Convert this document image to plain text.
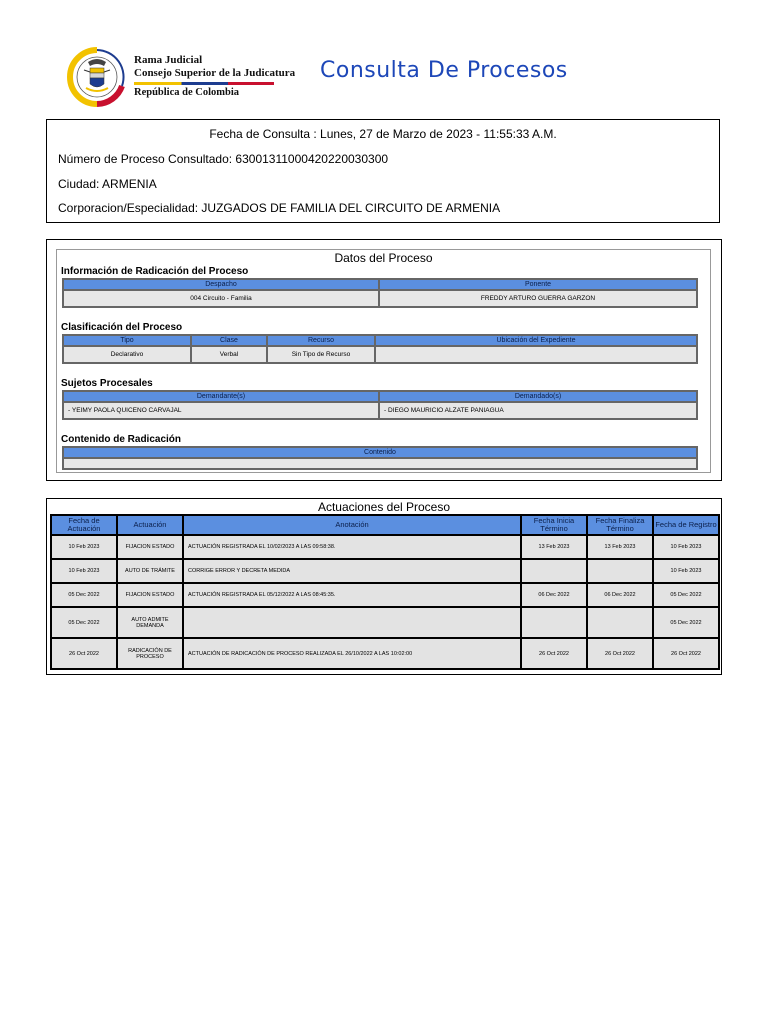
Rama Judicial
Consejo Superior de la Judicatura
República de Colombia
Consulta De Procesos
Fecha de Consulta : Lunes, 27 de Marzo de 2023 - 11:55:33 A.M.
Número de Proceso Consultado: 63001311000420220030300
Ciudad: ARMENIA
Corporacion/Especialidad: JUZGADOS DE FAMILIA DEL CIRCUITO DE ARMENIA
Datos del Proceso
Información de Radicación del Proceso
Despacho	Ponente
004 Circuito - Familia	FREDDY ARTURO GUERRA GARZON
Clasificación del Proceso
Tipo	Clase	Recurso	Ubicación del Expediente
Declarativo	Verbal	Sin Tipo de Recurso	
Sujetos Procesales
Demandante(s)	Demandado(s)
- YEIMY PAOLA QUICENO CARVAJAL	- DIEGO MAURICIO ALZATE PANIAGUA
Contenido de Radicación
Contenido

Actuaciones del Proceso
Fecha de Actuación	Actuación	Anotación	Fecha Inicia Término	Fecha Finaliza Término	Fecha de Registro
10 Feb 2023	FIJACION ESTADO	ACTUACIÓN REGISTRADA EL 10/02/2023 A LAS 09:58:38.	13 Feb 2023	13 Feb 2023	10 Feb 2023
10 Feb 2023	AUTO DE TRÁMITE	CORRIGE ERROR Y DECRETA MEDIDA			10 Feb 2023
05 Dec 2022	FIJACION ESTADO	ACTUACIÓN REGISTRADA EL 05/12/2022 A LAS 08:45:35.	06 Dec 2022	06 Dec 2022	05 Dec 2022
05 Dec 2022	AUTO ADMITE DEMANDA				05 Dec 2022
26 Oct 2022	RADICACIÓN DE PROCESO	ACTUACIÓN DE RADICACIÓN DE PROCESO REALIZADA EL 26/10/2022 A LAS 10:02:00	26 Oct 2022	26 Oct 2022	26 Oct 2022
